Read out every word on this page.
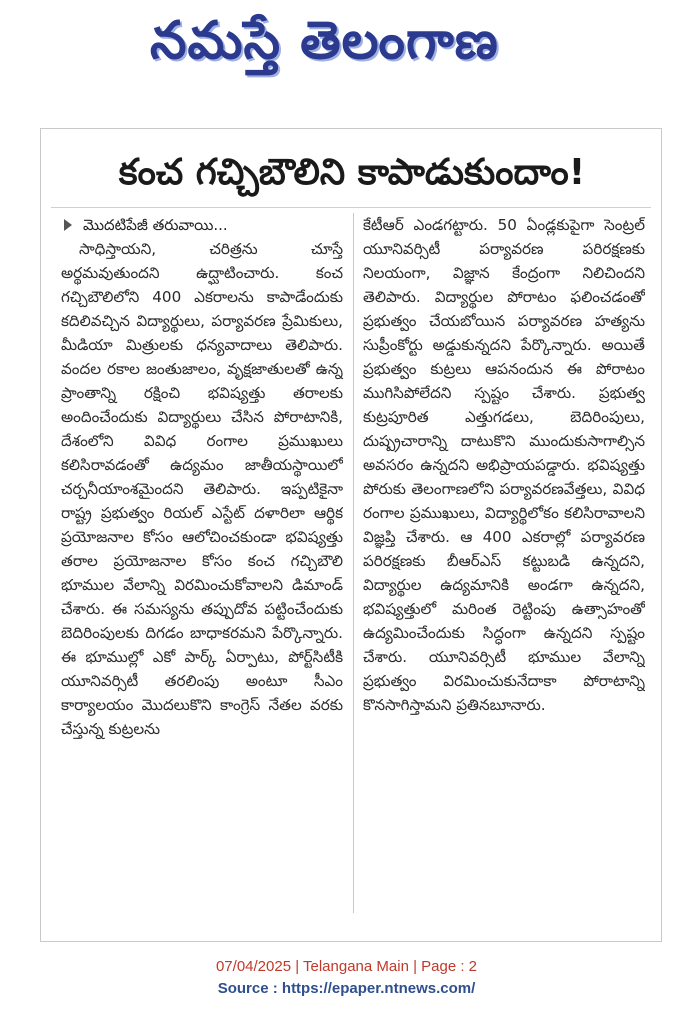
నమస్తే తెలంగాణ
కంచ గచ్చిబౌలిని కాపాడుకుందాం!
మొదటిపేజీ తరువాయి...

సాధిస్తాయని, చరిత్రను చూస్తే అర్థమవుతుందని ఉద్ఘాటించారు. కంచ గచ్చిబౌలిలోని 400 ఎకరాలను కాపాడేందుకు కదిలివచ్చిన విద్యార్థులు, పర్యావరణ ప్రేమికులు, మీడియా మిత్రులకు ధన్యవాదాలు తెలిపారు. వందల రకాల జంతుజాలం, వృక్షజాతులతో ఉన్న ప్రాంతాన్ని రక్షించి భవిష్యత్తు తరాలకు అందించేందుకు విద్యార్థులు చేసిన పోరాటానికి, దేశంలోని వివిధ రంగాల ప్రముఖులు కలిసిరావడంతో ఉద్యమం జాతీయస్థాయిలో చర్చనీయాంశమైందని తెలిపారు. ఇప్పటికైనా రాష్ట్ర ప్రభుత్వం రియల్ ఎస్టేట్ దళారిలా ఆర్థిక ప్రయోజనాల కోసం ఆలోచించకుండా భవిష్యత్తు తరాల ప్రయోజనాల కోసం కంచ గచ్చిబౌలి భూముల వేలాన్ని విరమించుకోవాలని డిమాండ్ చేశారు. ఈ సమస్యను తప్పుదోవ పట్టించేందుకు బెదిరింపులకు దిగడం బాధాకరమని పేర్కొన్నారు. ఈ భూముల్లో ఎకో పార్క్ ఏర్పాటు, పోర్ట్‌సిటీకి యూనివర్సిటీ తరలింపు అంటూ సీఎం కార్యాలయం మొదలుకొని కాంగ్రెస్ నేతల వరకు చేస్తున్న కుట్రలను

కేటీఆర్ ఎండగట్టారు. 50 ఏండ్లకుపైగా సెంట్రల్ యూనివర్సిటీ పర్యావరణ పరిరక్షణకు నిలయంగా, విజ్ఞాన కేంద్రంగా నిలిచిందని తెలిపారు. విద్యార్థుల పోరాటం ఫలించడంతో ప్రభుత్వం చేయబోయిన పర్యావరణ హత్యను సుప్రీంకోర్టు అడ్డుకున్నదని పేర్కొన్నారు. అయితే ప్రభుత్వం కుట్రలు ఆపనందున ఈ పోరాటం ముగిసిపోలేదని స్పష్టం చేశారు. ప్రభుత్వ కుట్రపూరిత ఎత్తుగడలు, బెదిరింపులు, దుష్ప్రచారాన్ని దాటుకొని ముందుకుసాగాల్సిన అవసరం ఉన్నదని అభిప్రాయపడ్డారు. భవిష్యత్తు పోరుకు తెలంగాణలోని పర్యావరణవేత్తలు, వివిధ రంగాల ప్రముఖులు, విద్యార్థిలోకం కలిసిరావాలని విజ్ఞప్తి చేశారు. ఆ 400 ఎకరాల్లో పర్యావరణ పరిరక్షణకు బీఆర్‌ఎస్ కట్టుబడి ఉన్నదని, విద్యార్థుల ఉద్యమానికి అండగా ఉన్నదని, భవిష్యత్తులో మరింత రెట్టింపు ఉత్సాహంతో ఉద్యమించేందుకు సిద్ధంగా ఉన్నదని స్పష్టం చేశారు. యూనివర్సిటీ భూముల వేలాన్ని ప్రభుత్వం విరమించుకునేదాకా పోరాటాన్ని కొనసాగిస్తామని ప్రతినబూనారు.

07/04/2025 | Telangana Main | Page : 2
Source : https://epaper.ntnews.com/
